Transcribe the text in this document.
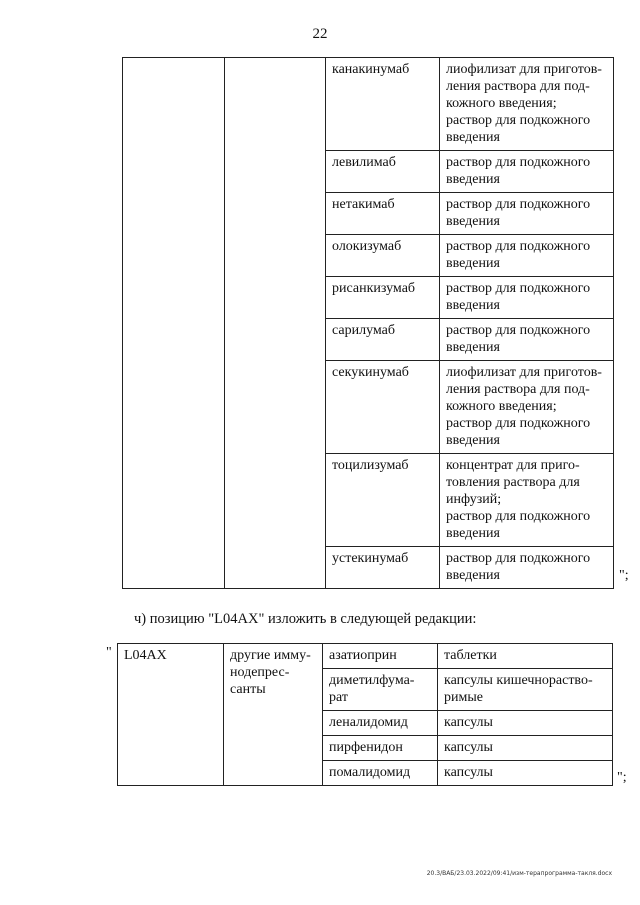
22
		канакинумаб	лиофилизат для приготов-
ления раствора для под-
кожного введения;
раствор для подкожного
введения
		левилимаб	раствор для подкожного
введения
		нетакимаб	раствор для подкожного
введения
		олокизумаб	раствор для подкожного
введения
		рисанкизумаб	раствор для подкожного
введения
		сарилумаб	раствор для подкожного
введения
		секукинумаб	лиофилизат для приготов-
ления раствора для под-
кожного введения;
раствор для подкожного
введения
		тоцилизумаб	концентрат для приго-
товления раствора для
инфузий;
раствор для подкожного
введения
		устекинумаб	раствор для подкожного
введения	";
ч) позицию "L04AX" изложить в следующей редакции:
" L04AX	другие имму-
нодепрес-
санты	азатиоприн	таблетки
		диметилфума-
рат	капсулы кишечнораство-
римые
		леналидомид	капсулы
		пирфенидон	капсулы
		помалидомид	капсулы	";
20.3/ВАБ/23.03.2022/09:41/изм-терапрограмма-такля.docx
